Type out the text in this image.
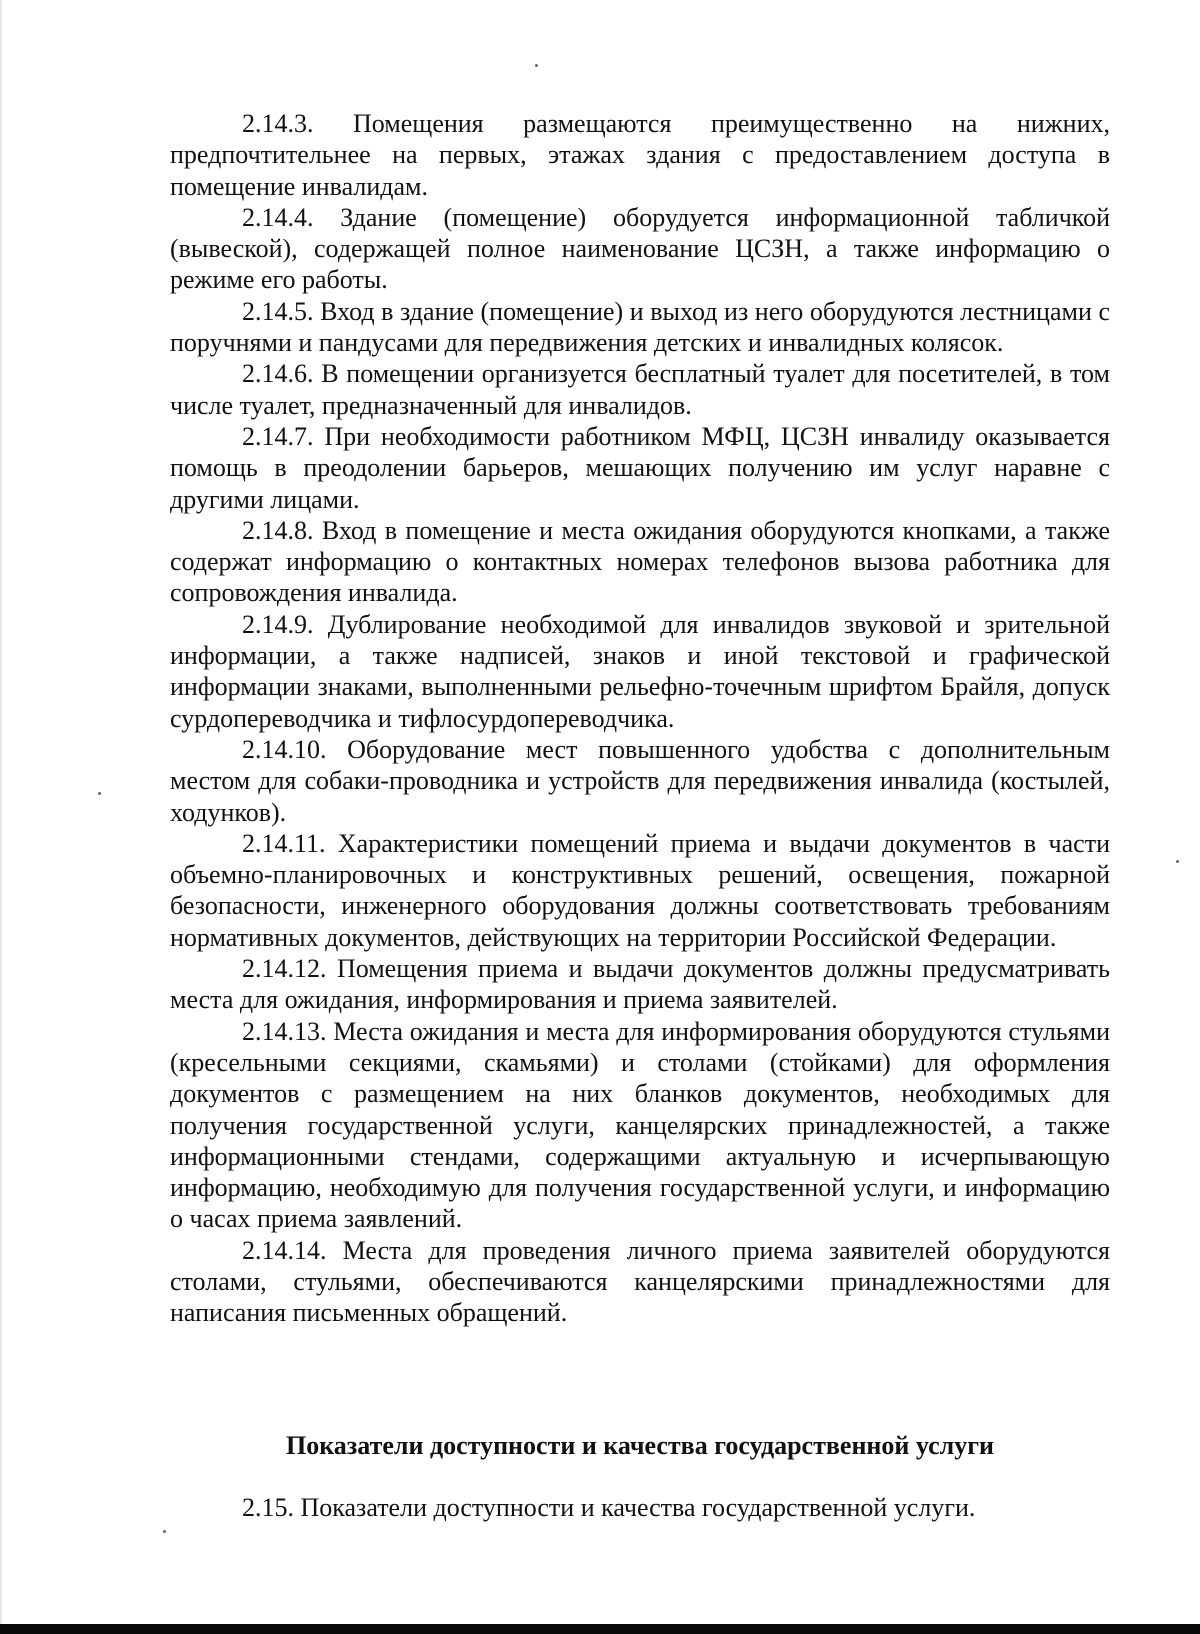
2.14.3. Помещения размещаются преимущественно на нижних, предпочтительнее на первых, этажах здания с предоставлением доступа в помещение инвалидам.

2.14.4. Здание (помещение) оборудуется информационной табличкой (вывеской), содержащей полное наименование ЦСЗН, а также информацию о режиме его работы.

2.14.5. Вход в здание (помещение) и выход из него оборудуются лестницами с поручнями и пандусами для передвижения детских и инвалидных колясок.

2.14.6. В помещении организуется бесплатный туалет для посетителей, в том числе туалет, предназначенный для инвалидов.

2.14.7. При необходимости работником МФЦ, ЦСЗН инвалиду оказывается помощь в преодолении барьеров, мешающих получению им услуг наравне с другими лицами.

2.14.8. Вход в помещение и места ожидания оборудуются кнопками, а также содержат информацию о контактных номерах телефонов вызова работника для сопровождения инвалида.

2.14.9. Дублирование необходимой для инвалидов звуковой и зрительной информации, а также надписей, знаков и иной текстовой и графической информации знаками, выполненными рельефно-точечным шрифтом Брайля, допуск сурдопереводчика и тифлосурдопереводчика.

2.14.10. Оборудование мест повышенного удобства с дополнительным местом для собаки-проводника и устройств для передвижения инвалида (костылей, ходунков).

2.14.11. Характеристики помещений приема и выдачи документов в части объемно-планировочных и конструктивных решений, освещения, пожарной безопасности, инженерного оборудования должны соответствовать требованиям нормативных документов, действующих на территории Российской Федерации.

2.14.12. Помещения приема и выдачи документов должны предусматривать места для ожидания, информирования и приема заявителей.

2.14.13. Места ожидания и места для информирования оборудуются стульями (кресельными секциями, скамьями) и столами (стойками) для оформления документов с размещением на них бланков документов, необходимых для получения государственной услуги, канцелярских принадлежностей, а также информационными стендами, содержащими актуальную и исчерпывающую информацию, необходимую для получения государственной услуги, и информацию о часах приема заявлений.

2.14.14. Места для проведения личного приема заявителей оборудуются столами, стульями, обеспечиваются канцелярскими принадлежностями для написания письменных обращений.

Показатели доступности и качества государственной услуги

2.15. Показатели доступности и качества государственной услуги.
